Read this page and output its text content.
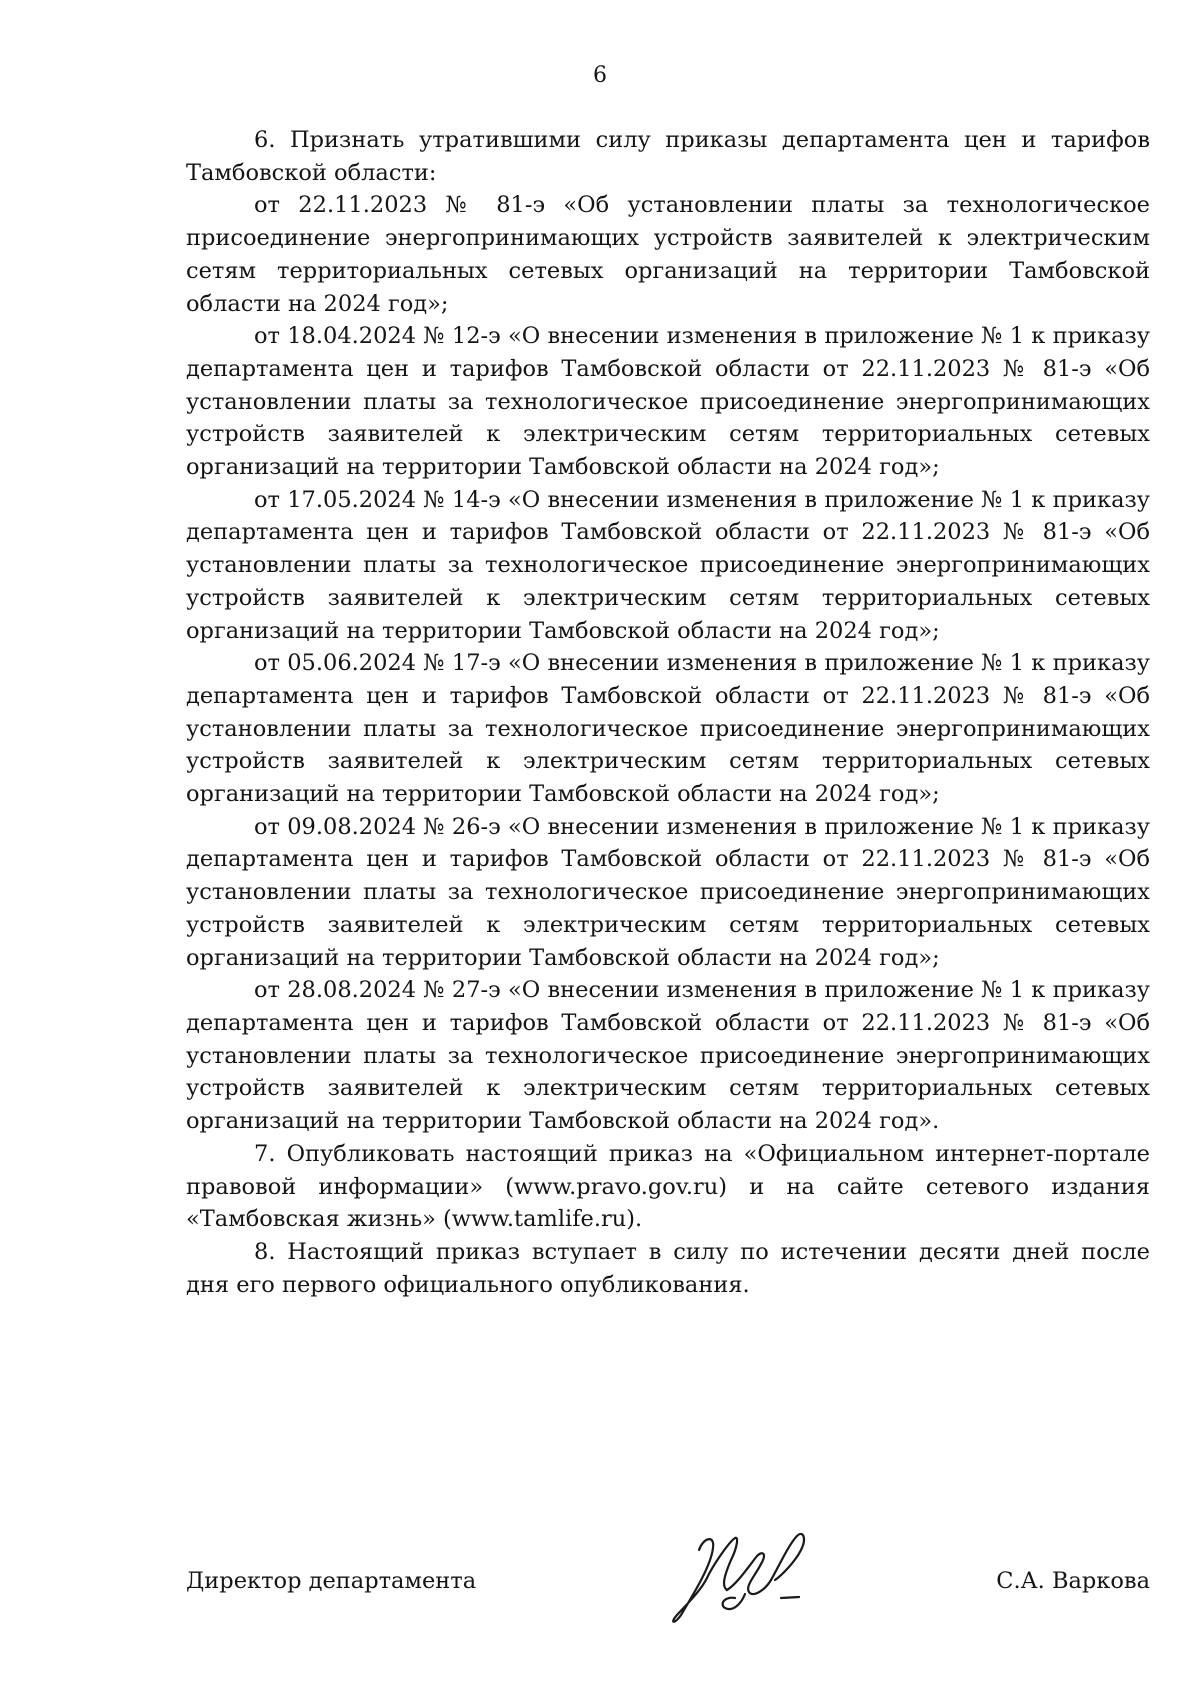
6

6. Признать утратившими силу приказы департамента цен и тарифов Тамбовской области:

от 22.11.2023 № 81-э «Об установлении платы за технологическое присоединение энергопринимающих устройств заявителей к электрическим сетям территориальных сетевых организаций на территории Тамбовской области на 2024 год»;

от 18.04.2024 № 12-э «О внесении изменения в приложение № 1 к приказу департамента цен и тарифов Тамбовской области от 22.11.2023 № 81-э «Об установлении платы за технологическое присоединение энергопринимающих устройств заявителей к электрическим сетям территориальных сетевых организаций на территории Тамбовской области на 2024 год»;

от 17.05.2024 № 14-э «О внесении изменения в приложение № 1 к приказу департамента цен и тарифов Тамбовской области от 22.11.2023 № 81-э «Об установлении платы за технологическое присоединение энергопринимающих устройств заявителей к электрическим сетям территориальных сетевых организаций на территории Тамбовской области на 2024 год»;

от 05.06.2024 № 17-э «О внесении изменения в приложение № 1 к приказу департамента цен и тарифов Тамбовской области от 22.11.2023 № 81-э «Об установлении платы за технологическое присоединение энергопринимающих устройств заявителей к электрическим сетям территориальных сетевых организаций на территории Тамбовской области на 2024 год»;

от 09.08.2024 № 26-э «О внесении изменения в приложение № 1 к приказу департамента цен и тарифов Тамбовской области от 22.11.2023 № 81-э «Об установлении платы за технологическое присоединение энергопринимающих устройств заявителей к электрическим сетям территориальных сетевых организаций на территории Тамбовской области на 2024 год»;

от 28.08.2024 № 27-э «О внесении изменения в приложение № 1 к приказу департамента цен и тарифов Тамбовской области от 22.11.2023 № 81-э «Об установлении платы за технологическое присоединение энергопринимающих устройств заявителей к электрическим сетям территориальных сетевых организаций на территории Тамбовской области на 2024 год».

7. Опубликовать настоящий приказ на «Официальном интернет-портале правовой информации» (www.pravo.gov.ru) и на сайте сетевого издания «Тамбовская жизнь» (www.tamlife.ru).

8. Настоящий приказ вступает в силу по истечении десяти дней после дня его первого официального опубликования.

Директор департамента	С.А. Варкова
